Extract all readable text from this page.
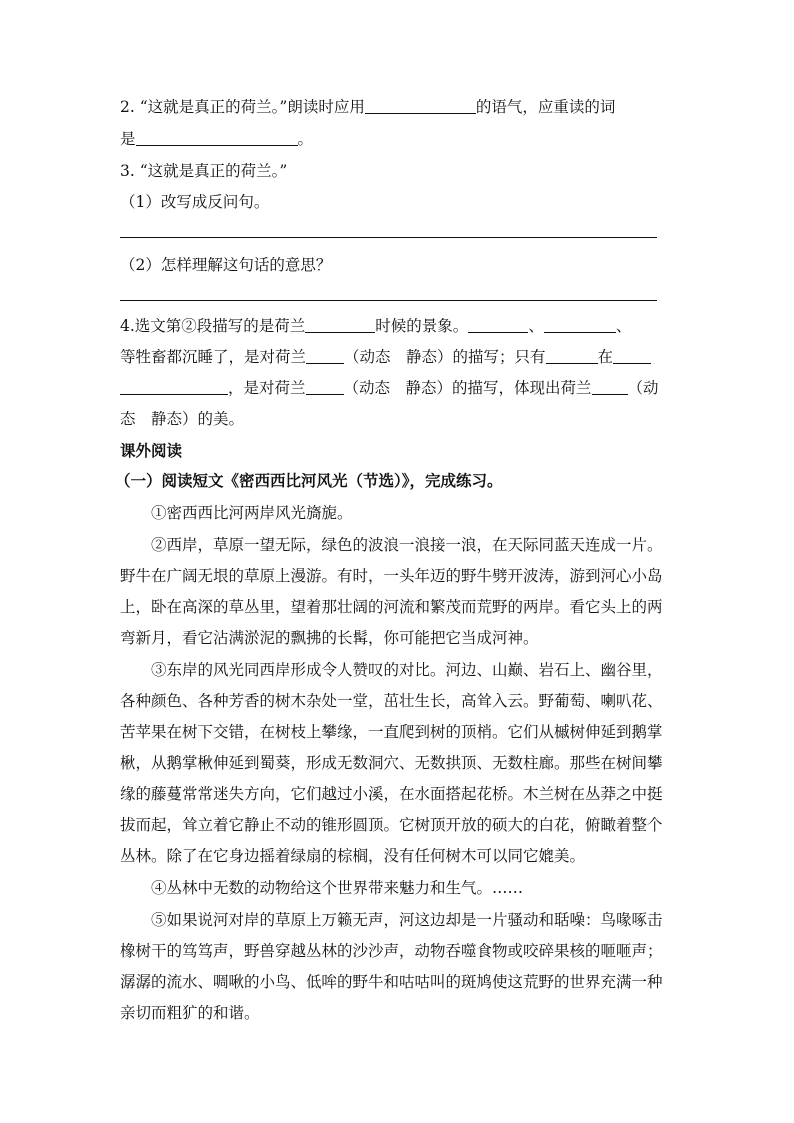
2. “这就是真正的荷兰。”朗读时应用	的语气，应重读的词
是	。
3. “这就是真正的荷兰。”
（1）改写成反问句。
（2）怎样理解这句话的意思？
4.选文第②段描写的是荷兰	时候的景象。	、	、
等牲畜都沉睡了，是对荷兰 （动态　静态）的描写；只有	在
，是对荷兰 （动态　静态）的描写，体现出荷兰 （动
态　静态）的美。
课外阅读
（一）阅读短文《密西西比河风光（节选）》，完成练习。
①密西西比河两岸风光旖旎。
②西岸，草原一望无际，绿色的波浪一浪接一浪，在天际同蓝天连成一片。
野牛在广阔无垠的草原上漫游。有时，一头年迈的野牛劈开波涛，游到河心小岛
上，卧在高深的草丛里，望着那壮阔的河流和繁茂而荒野的两岸。看它头上的两
弯新月，看它沾满淤泥的飘拂的长髯，你可能把它当成河神。
③东岸的风光同西岸形成令人赞叹的对比。河边、山巅、岩石上、幽谷里，
各种颜色、各种芳香的树木杂处一堂，茁壮生长，高耸入云。野葡萄、喇叭花、
苦苹果在树下交错，在树枝上攀缘，一直爬到树的顶梢。它们从槭树伸延到鹅掌
楸，从鹅掌楸伸延到蜀葵，形成无数洞穴、无数拱顶、无数柱廊。那些在树间攀
缘的藤蔓常常迷失方向，它们越过小溪，在水面搭起花桥。木兰树在丛莽之中挺
拔而起，耸立着它静止不动的锥形圆顶。它树顶开放的硕大的白花，俯瞰着整个
丛林。除了在它身边摇着绿扇的棕榈，没有任何树木可以同它媲美。
④丛林中无数的动物给这个世界带来魅力和生气。……
⑤如果说河对岸的草原上万籁无声，河这边却是一片骚动和聒噪：鸟喙啄击
橡树干的笃笃声，野兽穿越丛林的沙沙声，动物吞噬食物或咬碎果核的咂咂声；
潺潺的流水、啁啾的小鸟、低哞的野牛和咕咕叫的斑鸠使这荒野的世界充满一种
亲切而粗犷的和谐。
